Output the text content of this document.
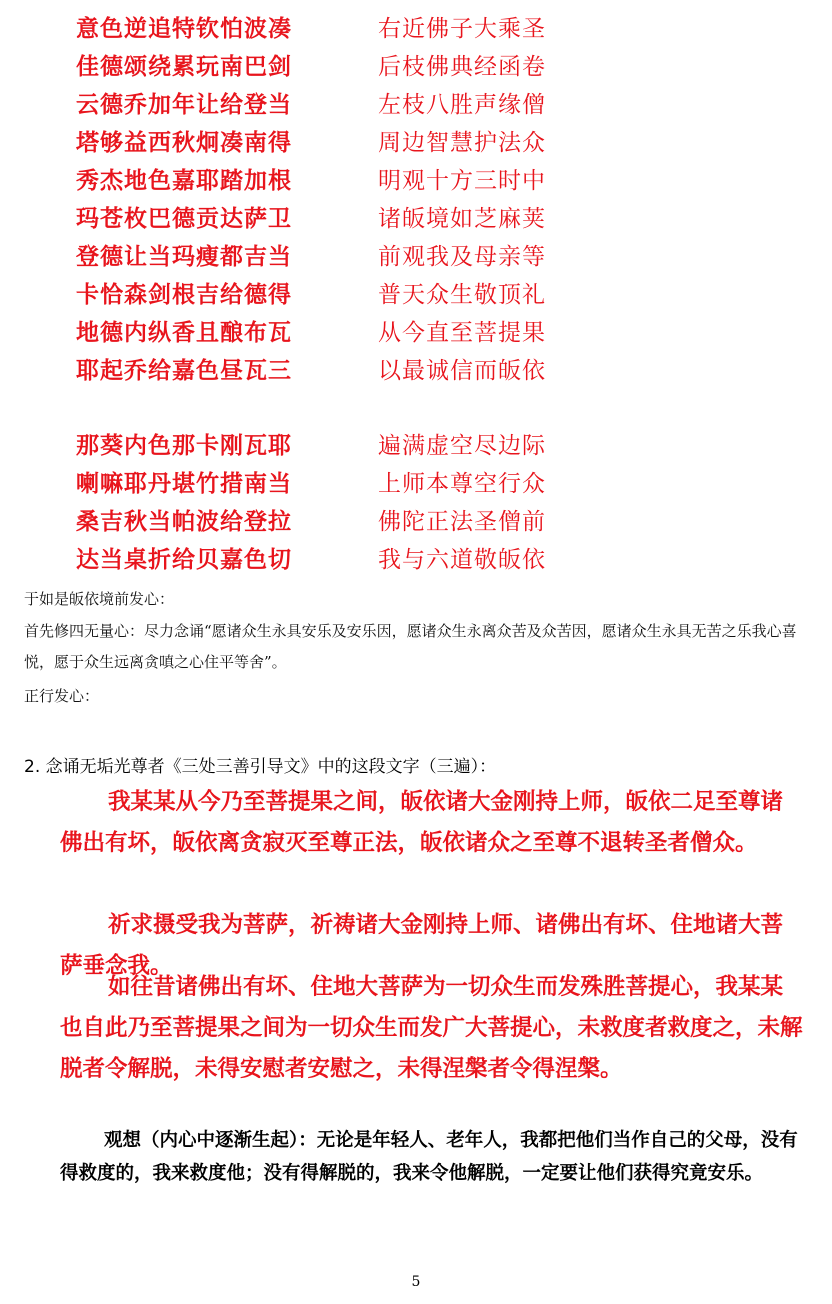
意色逆追特钦怕波凑	右近佛子大乘圣
佳德颂绕累玩南巴剑	后枝佛典经函卷
云德乔加年让给登当	左枝八胜声缘僧
塔够益西秋炯凑南得	周边智慧护法众
秀杰地色嘉耶踏加根	明观十方三时中
玛苍枚巴德贡达萨卫	诸皈境如芝麻荚
登德让当玛瘦都吉当	前观我及母亲等
卡恰森剑根吉给德得	普天众生敬顶礼
地德内纵香且酿布瓦	从今直至菩提果
耶起乔给嘉色昼瓦三	以最诚信而皈依
那葵内色那卡刚瓦耶	遍满虚空尽边际
喇嘛耶丹堪竹措南当	上师本尊空行众
桑吉秋当帕波给登拉	佛陀正法圣僧前
达当桌折给贝嘉色切	我与六道敬皈依
于如是皈依境前发心：
首先修四无量心：尽力念诵“愿诸众生永具安乐及安乐因，愿诸众生永离众苦及众苦因，愿诸众生永具无苦之乐我心喜悦，愿于众生远离贪嗔之心住平等舍”。
正行发心：
2. 念诵无垢光尊者《三处三善引导文》中的这段文字（三遍）：
我某某从今乃至菩提果之间，皈依诸大金刚持上师，皈依二足至尊诸佛出有坏，皈依离贪寂灭至尊正法，皈依诸众之至尊不退转圣者僧众。
祈求摄受我为菩萨，祈祷诸大金刚持上师、诸佛出有坏、住地诸大菩萨垂念我。
如往昔诸佛出有坏、住地大菩萨为一切众生而发殊胜菩提心，我某某也自此乃至菩提果之间为一切众生而发广大菩提心，未救度者救度之，未解脱者令解脱，未得安慰者安慰之，未得涅槃者令得涅槃。
观想（内心中逐渐生起）：无论是年轻人、老年人，我都把他们当作自己的父母，没有得救度的，我来救度他；没有得解脱的，我来令他解脱，一定要让他们获得究竟安乐。
5
